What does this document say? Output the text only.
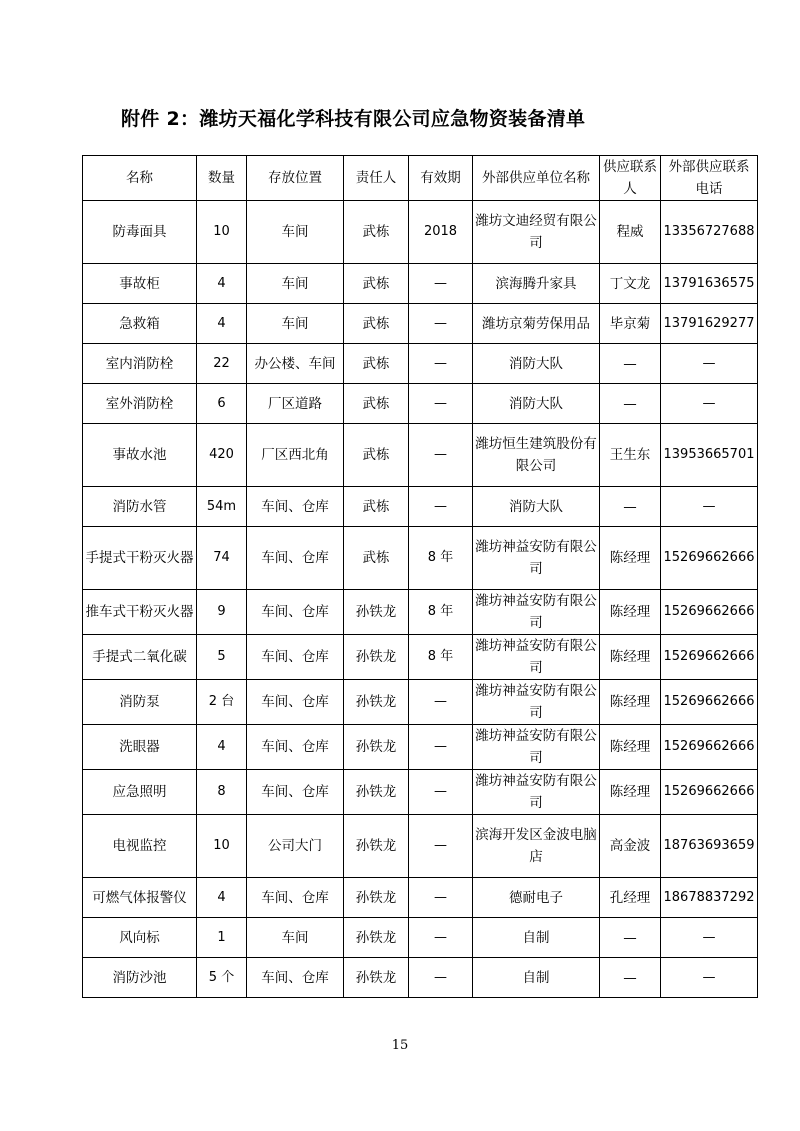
附件 2：潍坊天福化学科技有限公司应急物资装备清单
名称	数量	存放位置	责任人	有效期	外部供应单位名称	供应联系人	外部供应联系电话
防毒面具	10	车间	武栋	2018	潍坊文迪经贸有限公司	程威	13356727688
事故柜	4	车间	武栋	—	滨海腾升家具	丁文龙	13791636575
急救箱	4	车间	武栋	—	潍坊京菊劳保用品	毕京菊	13791629277
室内消防栓	22	办公楼、车间	武栋	—	消防大队	—	—
室外消防栓	6	厂区道路	武栋	—	消防大队	—	—
事故水池	420	厂区西北角	武栋	—	潍坊恒生建筑股份有限公司	王生东	13953665701
消防水管	54m	车间、仓库	武栋	—	消防大队	—	—
手提式干粉灭火器	74	车间、仓库	武栋	8 年	潍坊神益安防有限公司	陈经理	15269662666
推车式干粉灭火器	9	车间、仓库	孙铁龙	8 年	潍坊神益安防有限公司	陈经理	15269662666
手提式二氧化碳	5	车间、仓库	孙铁龙	8 年	潍坊神益安防有限公司	陈经理	15269662666
消防泵	2 台	车间、仓库	孙铁龙	—	潍坊神益安防有限公司	陈经理	15269662666
洗眼器	4	车间、仓库	孙铁龙	—	潍坊神益安防有限公司	陈经理	15269662666
应急照明	8	车间、仓库	孙铁龙	—	潍坊神益安防有限公司	陈经理	15269662666
电视监控	10	公司大门	孙铁龙	—	滨海开发区金波电脑店	高金波	18763693659
可燃气体报警仪	4	车间、仓库	孙铁龙	—	德耐电子	孔经理	18678837292
风向标	1	车间	孙铁龙	—	自制	—	—
消防沙池	5 个	车间、仓库	孙铁龙	—	自制	—	—
15
